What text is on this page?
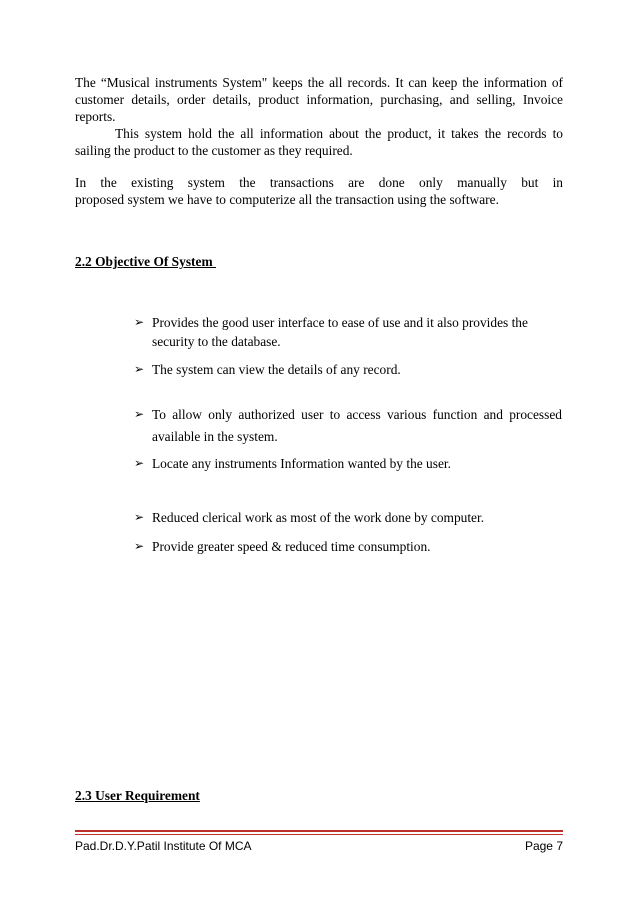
The “Musical instruments System" keeps the all records. It can keep the information of
customer details, order details, product information, purchasing, and selling, Invoice
reports.
This system hold the all information about the product, it takes the records to
sailing the product to the customer as they required.
In the existing system the transactions are done only manually but in
proposed system we have to computerize all the transaction using the software.
2.2 Objective Of System
➢ Provides the good user interface to ease of use and it also provides the
security to the database.
➢ The system can view the details of any record.
➢ To allow only authorized user to access various function and processed
available in the system.
➢ Locate any instruments Information wanted by the user.
➢ Reduced clerical work as most of the work done by computer.
➢ Provide greater speed & reduced time consumption.
2.3 User Requirement
Pad.Dr.D.Y.Patil Institute Of MCA	Page 7
